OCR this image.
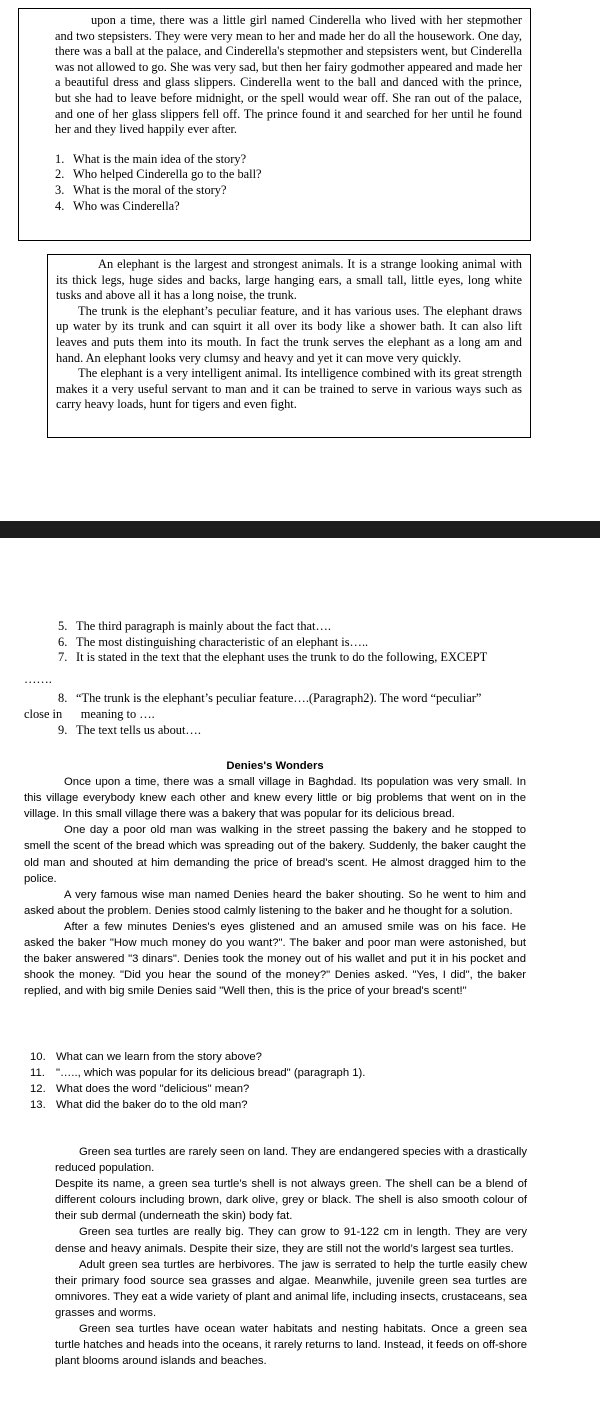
upon a time, there was a little girl named Cinderella who lived with her stepmother and two stepsisters. They were very mean to her and made her do all the housework. One day, there was a ball at the palace, and Cinderella's stepmother and stepsisters went, but Cinderella was not allowed to go. She was very sad, but then her fairy godmother appeared and made her a beautiful dress and glass slippers. Cinderella went to the ball and danced with the prince, but she had to leave before midnight, or the spell would wear off. She ran out of the palace, and one of her glass slippers fell off. The prince found it and searched for her until he found her and they lived happily ever after.

1. What is the main idea of the story?
2. Who helped Cinderella go to the ball?
3. What is the moral of the story?
4. Who was Cinderella?

An elephant is the largest and strongest animals. It is a strange looking animal with its thick legs, huge sides and backs, large hanging ears, a small tall, little eyes, long white tusks and above all it has a long noise, the trunk.

The trunk is the elephant’s peculiar feature, and it has various uses. The elephant draws up water by its trunk and can squirt it all over its body like a shower bath. It can also lift leaves and puts them into its mouth. In fact the trunk serves the elephant as a long am and hand. An elephant looks very clumsy and heavy and yet it can move very quickly.

The elephant is a very intelligent animal. Its intelligence combined with its great strength makes it a very useful servant to man and it can be trained to serve in various ways such as carry heavy loads, hunt for tigers and even fight.

5. The third paragraph is mainly about the fact that….
6. The most distinguishing characteristic of an elephant is…..
7. It is stated in the text that the elephant uses the trunk to do the following, EXCEPT
…….
8. “The trunk is the elephant’s peculiar feature….(Paragraph2). The word “peculiar”
close in      meaning to ….
9. The text tells us about….
Denies's Wonders

Once upon a time, there was a small village in Baghdad. Its population was very small. In this village everybody knew each other and knew every little or big problems that went on in the village. In this small village there was a bakery that was popular for its delicious bread.

One day a poor old man was walking in the street passing the bakery and he stopped to smell the scent of the bread which was spreading out of the bakery. Suddenly, the baker caught the old man and shouted at him demanding the price of bread's scent. He almost dragged him to the police.

A very famous wise man named Denies heard the baker shouting. So he went to him and asked about the problem. Denies stood calmly listening to the baker and he thought for a solution.

After a few minutes Denies's eyes glistened and an amused smile was on his face. He asked the baker "How much money do you want?". The baker and poor man were astonished, but the baker answered "3 dinars". Denies took the money out of his wallet and put it in his pocket and shook the money. "Did you hear the sound of the money?" Denies asked. "Yes, I did", the baker replied, and with big smile Denies said "Well then, this is the price of your bread's scent!"

10. What can we learn from the story above?
11. "….., which was popular for its delicious bread" (paragraph 1).
12. What does the word "delicious" mean?
13. What did the baker do to the old man?

Green sea turtles are rarely seen on land. They are endangered species with a drastically reduced population.

Despite its name, a green sea turtle’s shell is not always green. The shell can be a blend of different colours including brown, dark olive, grey or black. The shell is also smooth colour of their sub dermal (underneath the skin) body fat.

Green sea turtles are really big. They can grow to 91-122 cm in length. They are very dense and heavy animals. Despite their size, they are still not the world’s largest sea turtles.

Adult green sea turtles are herbivores. The jaw is serrated to help the turtle easily chew their primary food source sea grasses and algae. Meanwhile, juvenile green sea turtles are omnivores. They eat a wide variety of plant and animal life, including insects, crustaceans, sea grasses and worms.

Green sea turtles have ocean water habitats and nesting habitats. Once a green sea turtle hatches and heads into the oceans, it rarely returns to land. Instead, it feeds on off-shore plant blooms around islands and beaches.
